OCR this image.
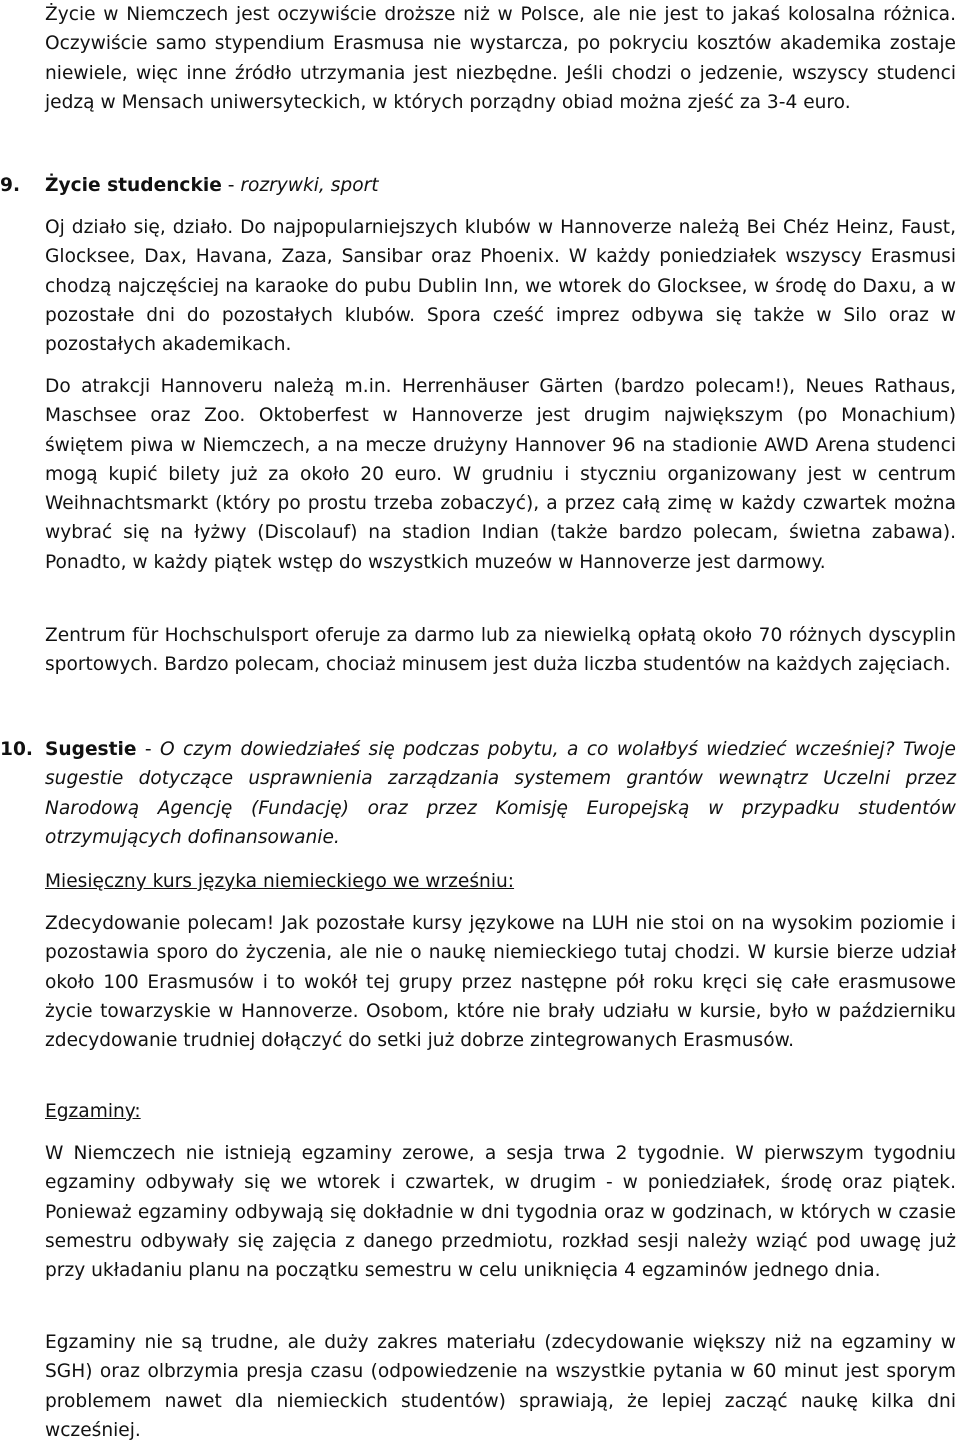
Życie w Niemczech jest oczywiście droższe niż w Polsce, ale nie jest to jakaś kolosalna różnica. Oczywiście samo stypendium Erasmusa nie wystarcza, po pokryciu kosztów akademika zostaje niewiele, więc inne źródło utrzymania jest niezbędne. Jeśli chodzi o jedzenie, wszyscy studenci jedzą w Mensach uniwersyteckich, w których porządny obiad można zjeść za 3-4 euro.

9. Życie studenckie - rozrywki, sport

Oj działo się, działo. Do najpopularniejszych klubów w Hannoverze należą Bei Chéz Heinz, Faust, Glocksee, Dax, Havana, Zaza, Sansibar oraz Phoenix. W każdy poniedziałek wszyscy Erasmusi chodzą najczęściej na karaoke do pubu Dublin Inn, we wtorek do Glocksee, w środę do Daxu, a w pozostałe dni do pozostałych klubów. Spora cześć imprez odbywa się także w Silo oraz w pozostałych akademikach.

Do atrakcji Hannoveru należą m.in. Herrenhäuser Gärten (bardzo polecam!), Neues Rathaus, Maschsee oraz Zoo. Oktoberfest w Hannoverze jest drugim największym (po Monachium) świętem piwa w Niemczech, a na mecze drużyny Hannover 96 na stadionie AWD Arena studenci mogą kupić bilety już za około 20 euro. W grudniu i styczniu organizowany jest w centrum Weihnachtsmarkt (który po prostu trzeba zobaczyć), a przez całą zimę w każdy czwartek można wybrać się na łyżwy (Discolauf) na stadion Indian (także bardzo polecam, świetna zabawa). Ponadto, w każdy piątek wstęp do wszystkich muzeów w Hannoverze jest darmowy.

Zentrum für Hochschulsport oferuje za darmo lub za niewielką opłatą około 70 różnych dyscyplin sportowych. Bardzo polecam, chociaż minusem jest duża liczba studentów na każdych zajęciach.

10. Sugestie - O czym dowiedziałeś się podczas pobytu, a co wolałbyś wiedzieć wcześniej? Twoje sugestie dotyczące usprawnienia zarządzania systemem grantów wewnątrz Uczelni przez Narodową Agencję (Fundację) oraz przez Komisję Europejską w przypadku studentów otrzymujących dofinansowanie.

Miesięczny kurs języka niemieckiego we wrześniu:

Zdecydowanie polecam! Jak pozostałe kursy językowe na LUH nie stoi on na wysokim poziomie i pozostawia sporo do życzenia, ale nie o naukę niemieckiego tutaj chodzi. W kursie bierze udział około 100 Erasmusów i to wokół tej grupy przez następne pół roku kręci się całe erasmusowe życie towarzyskie w Hannoverze. Osobom, które nie brały udziału w kursie, było w październiku zdecydowanie trudniej dołączyć do setki już dobrze zintegrowanych Erasmusów.

Egzaminy:

W Niemczech nie istnieją egzaminy zerowe, a sesja trwa 2 tygodnie. W pierwszym tygodniu egzaminy odbywały się we wtorek i czwartek, w drugim - w poniedziałek, środę oraz piątek. Ponieważ egzaminy odbywają się dokładnie w dni tygodnia oraz w godzinach, w których w czasie semestru odbywały się zajęcia z danego przedmiotu, rozkład sesji należy wziąć pod uwagę już przy układaniu planu na początku semestru w celu uniknięcia 4 egzaminów jednego dnia.

Egzaminy nie są trudne, ale duży zakres materiału (zdecydowanie większy niż na egzaminy w SGH) oraz olbrzymia presja czasu (odpowiedzenie na wszystkie pytania w 60 minut jest sporym problemem nawet dla niemieckich studentów) sprawiają, że lepiej zacząć naukę kilka dni wcześniej.
